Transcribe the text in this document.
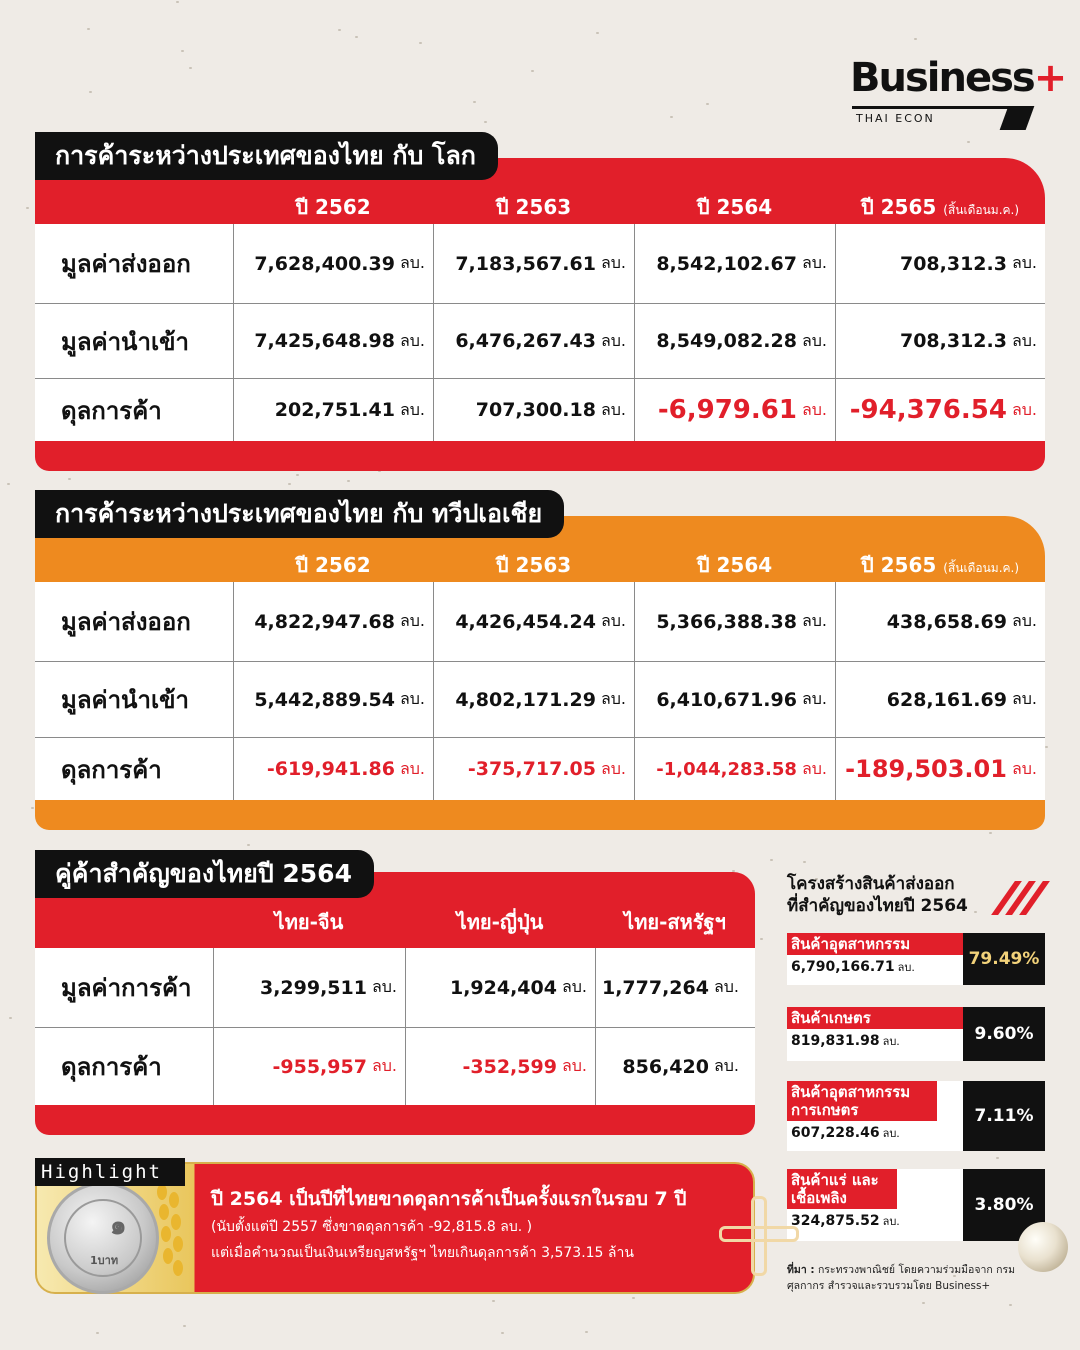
Business+
THAI ECON
การค้าระหว่างประเทศของไทย กับ โลก
ปี 2562	ปี 2563	ปี 2564	ปี 2565 (สิ้นเดือนม.ค.)
มูลค่าส่งออก	7,628,400.39 ลบ. 7,183,567.61 ลบ. 8,542,102.67 ลบ.	708,312.3 ลบ.
มูลค่านำเข้า	7,425,648.98 ลบ. 6,476,267.43 ลบ. 8,549,082.28 ลบ.	708,312.3 ลบ.
ดุลการค้า	202,751.41 ลบ.	707,300.18 ลบ. -6,979.61 ลบ. -94,376.54 ลบ.
การค้าระหว่างประเทศของไทย กับ ทวีปเอเชีย
ปี 2562	ปี 2563	ปี 2564	ปี 2565 (สิ้นเดือนม.ค.)
มูลค่าส่งออก	4,822,947.68 ลบ. 4,426,454.24 ลบ. 5,366,388.38 ลบ.	438,658.69 ลบ.
มูลค่านำเข้า	5,442,889.54 ลบ. 4,802,171.29 ลบ. 6,410,671.96 ลบ.	628,161.69 ลบ.
ดุลการค้า	-619,941.86 ลบ. -375,717.05 ลบ. -1,044,283.58 ลบ. -189,503.01 ลบ.
คู่ค้าสำคัญของไทยปี 2564
ไทย-จีน	ไทย-ญี่ปุ่น	ไทย-สหรัฐฯ
มูลค่าการค้า	3,299,511 ลบ.	1,924,404 ลบ. 1,777,264 ลบ.
ดุลการค้า	-955,957 ลบ.	-352,599 ลบ. 856,420 ลบ.
โครงสร้างสินค้าส่งออก
ที่สำคัญของไทยปี 2564
สินค้าอุตสาหกรรม
6,790,166.71 ลบ.	79.49%
สินค้าเกษตร
819,831.98 ลบ.	9.60%
สินค้าอุตสาหกรรม การเกษตร
607,228.46 ลบ.
7.11%
สินค้าแร่ และเชื้อเพลิง
324,875.52 ลบ.
3.80%
ที่มา : กระทรวงพาณิชย์ โดยความร่วมมือจาก กรมศุลกากร สำรวจและรวบรวมโดย Business+
Highlight
๑
1บาท
ปี 2564 เป็นปีที่ไทยขาดดุลการค้าเป็นครั้งแรกในรอบ 7 ปี
(นับตั้งแต่ปี 2557 ซึ่งขาดดุลการค้า -92,815.8 ลบ. )
แต่เมื่อคำนวณเป็นเงินเหรียญสหรัฐฯ ไทยเกินดุลการค้า 3,573.15 ล้าน
